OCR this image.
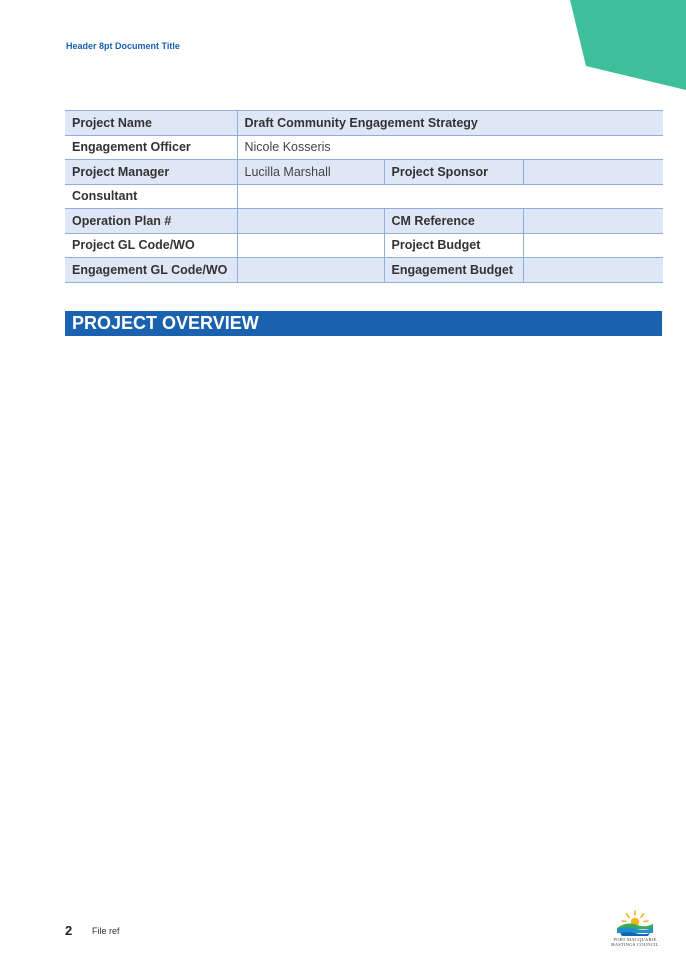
Header 8pt Document Title
Project Name	Draft Community Engagement Strategy		
Engagement Officer	Nicole Kosseris		
Project Manager	Lucilla Marshall	Project Sponsor	
Consultant			
Operation Plan #		CM Reference	
Project GL Code/WO		Project Budget	
Engagement GL Code/WO		Engagement Budget	
PROJECT OVERVIEW
2 File ref
PORT MACQUARIE
HASTINGS COUNCIL
